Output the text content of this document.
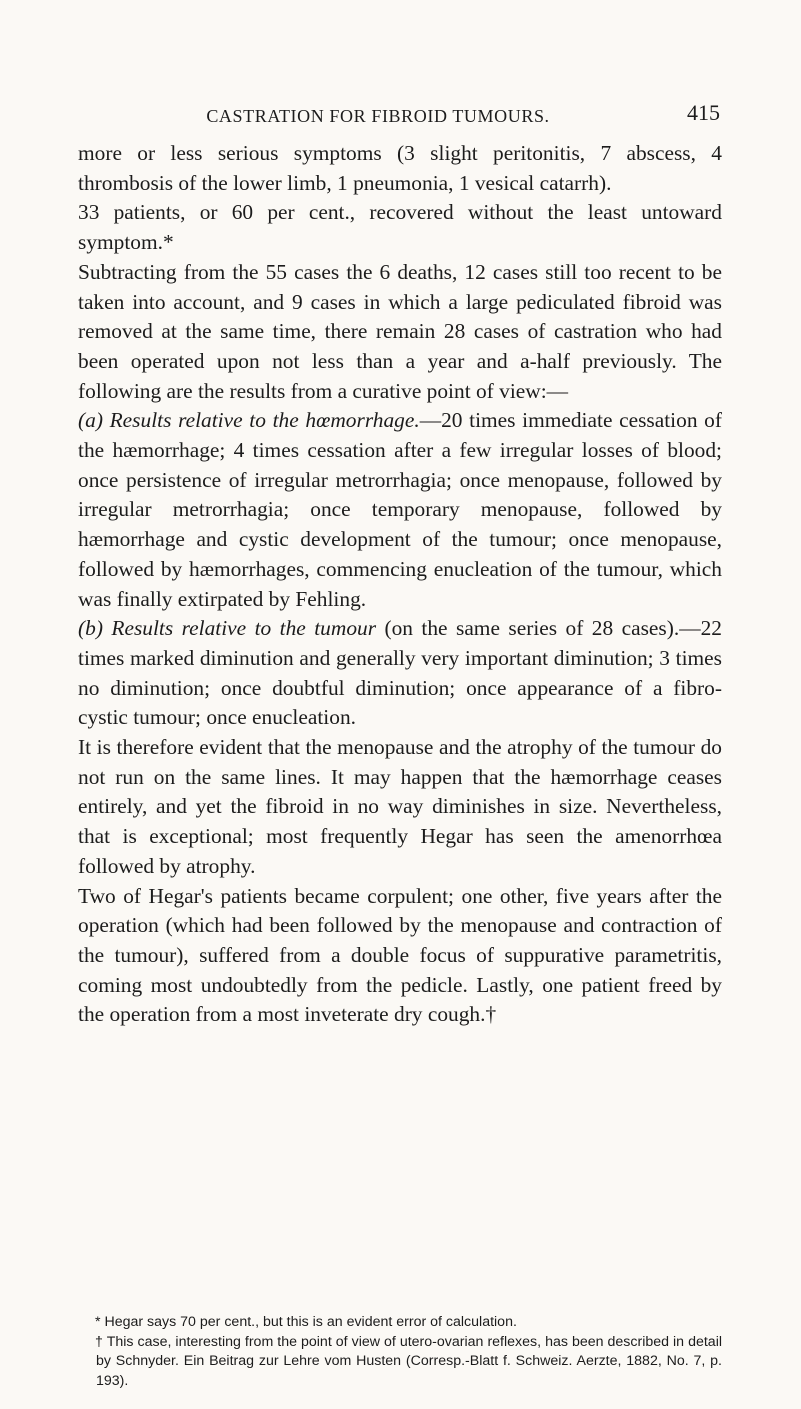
CASTRATION FOR FIBROID TUMOURS.	415

more or less serious symptoms (3 slight peritonitis, 7 abscess, 4 thrombosis of the lower limb, 1 pneumonia, 1 vesical catarrh).

33 patients, or 60 per cent., recovered without the least untoward symptom.*

Subtracting from the 55 cases the 6 deaths, 12 cases still too recent to be taken into account, and 9 cases in which a large pediculated fibroid was removed at the same time, there remain 28 cases of castration who had been operated upon not less than a year and a-half previously. The following are the results from a curative point of view:—

(a) Results relative to the hœmorrhage.—20 times immediate cessation of the hæmorrhage; 4 times cessation after a few irregular losses of blood; once persistence of irregular metrorrhagia; once menopause, followed by irregular metrorrhagia; once temporary menopause, followed by hæmorrhage and cystic development of the tumour; once menopause, followed by hæmorrhages, commencing enucleation of the tumour, which was finally extirpated by Fehling.

(b) Results relative to the tumour (on the same series of 28 cases).—22 times marked diminution and generally very important diminution; 3 times no diminution; once doubtful diminution; once appearance of a fibro-cystic tumour; once enucleation.

It is therefore evident that the menopause and the atrophy of the tumour do not run on the same lines. It may happen that the hæmorrhage ceases entirely, and yet the fibroid in no way diminishes in size. Nevertheless, that is exceptional; most frequently Hegar has seen the amenorrhœa followed by atrophy.

Two of Hegar's patients became corpulent; one other, five years after the operation (which had been followed by the menopause and contraction of the tumour), suffered from a double focus of suppurative parametritis, coming most undoubtedly from the pedicle. Lastly, one patient freed by the operation from a most inveterate dry cough.†

* Hegar says 70 per cent., but this is an evident error of calculation.

† This case, interesting from the point of view of utero-ovarian reflexes, has been described in detail by Schnyder. Ein Beitrag zur Lehre vom Husten (Corresp.-Blatt f. Schweiz. Aerzte, 1882, No. 7, p. 193).
